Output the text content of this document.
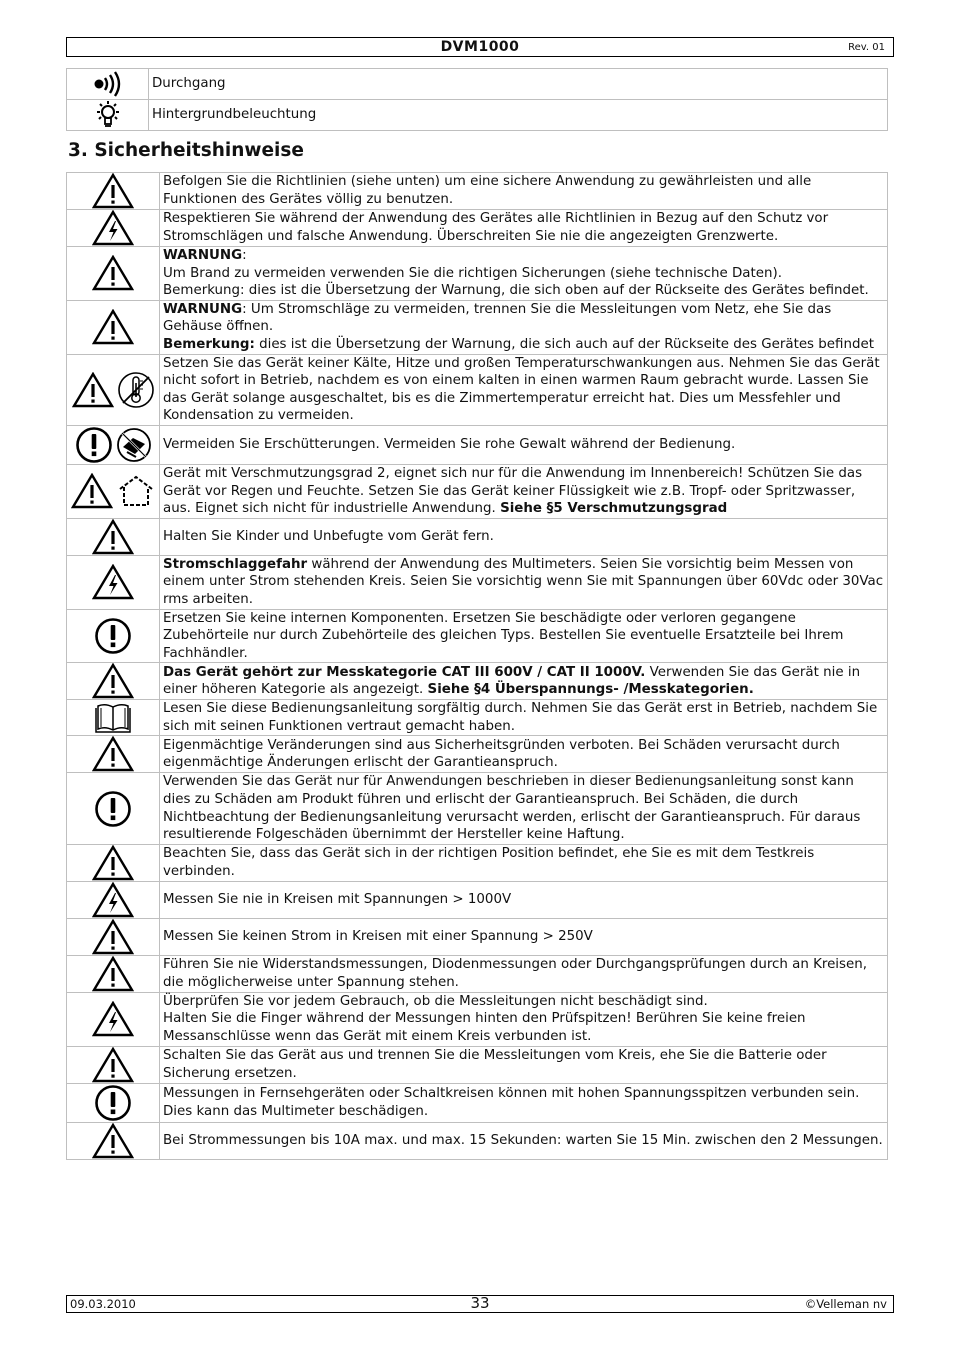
DVM1000	Rev. 01
	Durchgang

	Hintergrundbeleuchtung
3. Sicherheitshinweise
	Befolgen Sie die Richtlinien (siehe unten) um eine sichere Anwendung zu gewährleisten und alle Funktionen des Gerätes völlig zu benutzen.

	Respektieren Sie während der Anwendung des Gerätes alle Richtlinien in Bezug auf den Schutz vor Stromschlägen und falsche Anwendung. Überschreiten Sie nie die angezeigten Grenzwerte.

	WARNUNG:
Um Brand zu vermeiden verwenden Sie die richtigen Sicherungen (siehe technische Daten).
Bemerkung: dies ist die Übersetzung der Warnung, die sich oben auf der Rückseite des Gerätes befindet.

	WARNUNG: Um Stromschläge zu vermeiden, trennen Sie die Messleitungen vom Netz, ehe Sie das Gehäuse öffnen.
Bemerkung: dies ist die Übersetzung der Warnung, die sich auch auf der Rückseite des Gerätes befindet

	Setzen Sie das Gerät keiner Kälte, Hitze und großen Temperaturschwankungen aus. Nehmen Sie das Gerät nicht sofort in Betrieb, nachdem es von einem kalten in einen warmen Raum gebracht wurde. Lassen Sie das Gerät solange ausgeschaltet, bis es die Zimmertemperatur erreicht hat. Dies um Messfehler und Kondensation zu vermeiden.

	Vermeiden Sie Erschütterungen. Vermeiden Sie rohe Gewalt während der Bedienung.

	Gerät mit Verschmutzungsgrad 2, eignet sich nur für die Anwendung im Innenbereich! Schützen Sie das Gerät vor Regen und Feuchte. Setzen Sie das Gerät keiner Flüssigkeit wie z.B. Tropf- oder Spritzwasser, aus. Eignet sich nicht für industrielle Anwendung. Siehe §5 Verschmutzungsgrad

	Halten Sie Kinder und Unbefugte vom Gerät fern.

	Stromschlaggefahr während der Anwendung des Multimeters. Seien Sie vorsichtig beim Messen von einem unter Strom stehenden Kreis. Seien Sie vorsichtig wenn Sie mit Spannungen über 60Vdc oder 30Vac rms arbeiten.

	Ersetzen Sie keine internen Komponenten. Ersetzen Sie beschädigte oder verloren gegangene Zubehörteile nur durch Zubehörteile des gleichen Typs. Bestellen Sie eventuelle Ersatzteile bei Ihrem Fachhändler.

	Das Gerät gehört zur Messkategorie CAT III 600V / CAT II 1000V. Verwenden Sie das Gerät nie in einer höheren Kategorie als angezeigt. Siehe §4 Überspannungs- /Messkategorien.

	Lesen Sie diese Bedienungsanleitung sorgfältig durch. Nehmen Sie das Gerät erst in Betrieb, nachdem Sie sich mit seinen Funktionen vertraut gemacht haben.

	Eigenmächtige Veränderungen sind aus Sicherheitsgründen verboten. Bei Schäden verursacht durch eigenmächtige Änderungen erlischt der Garantieanspruch.

	Verwenden Sie das Gerät nur für Anwendungen beschrieben in dieser Bedienungsanleitung sonst kann dies zu Schäden am Produkt führen und erlischt der Garantieanspruch. Bei Schäden, die durch Nichtbeachtung der Bedienungsanleitung verursacht werden, erlischt der Garantieanspruch. Für daraus resultierende Folgeschäden übernimmt der Hersteller keine Haftung.

	Beachten Sie, dass das Gerät sich in der richtigen Position befindet, ehe Sie es mit dem Testkreis verbinden.

	Messen Sie nie in Kreisen mit Spannungen > 1000V

	Messen Sie keinen Strom in Kreisen mit einer Spannung > 250V

	Führen Sie nie Widerstandsmessungen, Diodenmessungen oder Durchgangsprüfungen durch an Kreisen, die möglicherweise unter Spannung stehen.

	Überprüfen Sie vor jedem Gebrauch, ob die Messleitungen nicht beschädigt sind.
Halten Sie die Finger während der Messungen hinten den Prüfspitzen! Berühren Sie keine freien Messanschlüsse wenn das Gerät mit einem Kreis verbunden ist.

	Schalten Sie das Gerät aus und trennen Sie die Messleitungen vom Kreis, ehe Sie die Batterie oder Sicherung ersetzen.

	Messungen in Fernsehgeräten oder Schaltkreisen können mit hohen Spannungsspitzen verbunden sein. Dies kann das Multimeter beschädigen.

	Bei Strommessungen bis 10A max. und max. 15 Sekunden: warten Sie 15 Min. zwischen den 2 Messungen.
09.03.2010	33	©Velleman nv
